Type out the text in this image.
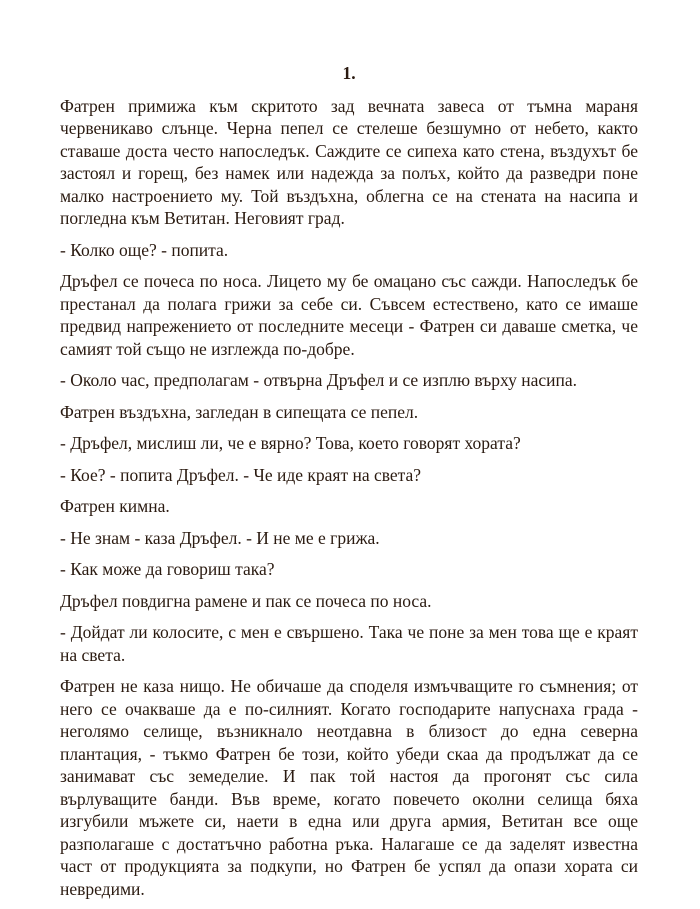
1.

Фатрен примижа към скритото зад вечната завеса от тъмна мараня червеникаво слънце. Черна пепел се стелеше безшумно от небето, както ставаше доста често напоследък. Саждите се сипеха като стена, въздухът бе застоял и горещ, без намек или надежда за полъх, който да разведри поне малко настроението му. Той въздъхна, облегна се на стената на насипа и погледна към Ветитан. Неговият град.

- Колко още? - попита.

Дръфел се почеса по носа. Лицето му бе омацано със сажди. Напоследък бе престанал да полага грижи за себе си. Съвсем естествено, като се имаше предвид напрежението от последните месеци - Фатрен си даваше сметка, че самият той също не изглежда по-добре.

- Около час, предполагам - отвърна Дръфел и се изплю върху насипа.

Фатрен въздъхна, загледан в сипещата се пепел.

- Дръфел, мислиш ли, че е вярно? Това, което говорят хората?

- Кое? - попита Дръфел. - Че иде краят на света?

Фатрен кимна.

- Не знам - каза Дръфел. - И не ме е грижа.

- Как може да говориш така?

Дръфел повдигна рамене и пак се почеса по носа.

- Дойдат ли колосите, с мен е свършено. Така че поне за мен това ще е краят на света.

Фатрен не каза нищо. Не обичаше да споделя измъчващите го съмнения; от него се очакваше да е по-силният. Когато господарите напуснаха града - неголямо селище, възникнало неотдавна в близост до една северна плантация, - тъкмо Фатрен бе този, който убеди скаа да продължат да се занимават със земеделие. И пак той настоя да прогонят със сила върлуващите банди. Във време, когато повечето околни селища бяха изгубили мъжете си, наети в една или друга армия, Ветитан все още разполагаше с достатъчно работна ръка. Налагаше се да заделят известна част от продукцията за подкупи, но Фатрен бе успял да опази хората си невредими.
